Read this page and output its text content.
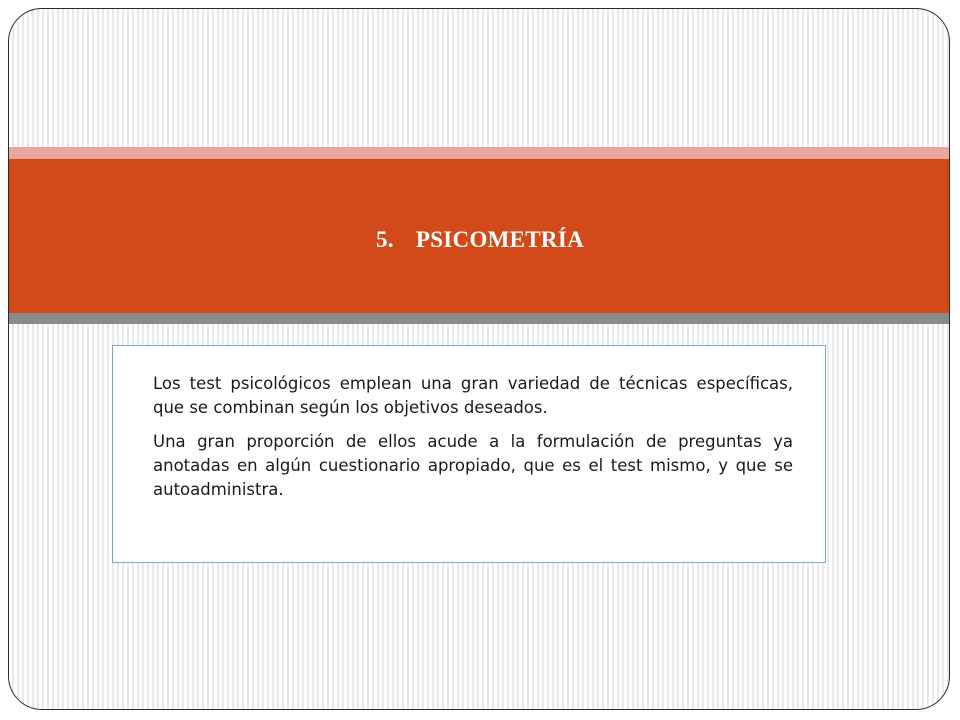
5. PSICOMETRÍA

Los test psicológicos emplean una gran variedad de técnicas específicas, que se combinan según los objetivos deseados.

Una gran proporción de ellos acude a la formulación de preguntas ya anotadas en algún cuestionario apropiado, que es el test mismo, y que se autoadministra.
